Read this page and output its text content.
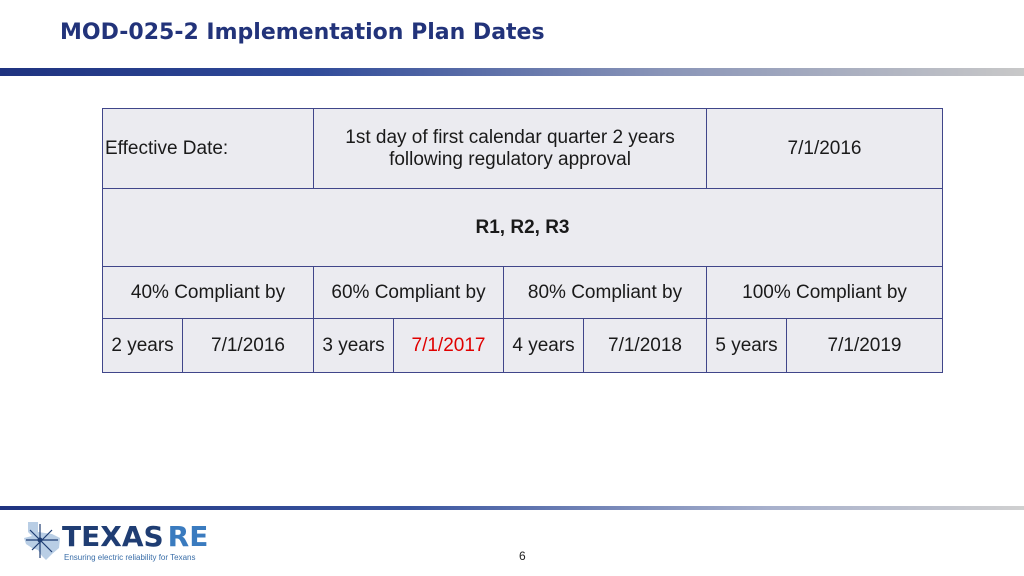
MOD-025-2 Implementation Plan Dates
Effective Date:		1st day of first calendar quarter 2 years following regulatory approval				7/1/2016	
R1, R2, R3							
40% Compliant by		60% Compliant by		80% Compliant by		100% Compliant by	
2 years	7/1/2016	3 years	7/1/2017	4 years	7/1/2018	5 years	7/1/2019
TEXAS RE
Ensuring electric reliability for Texans	6
